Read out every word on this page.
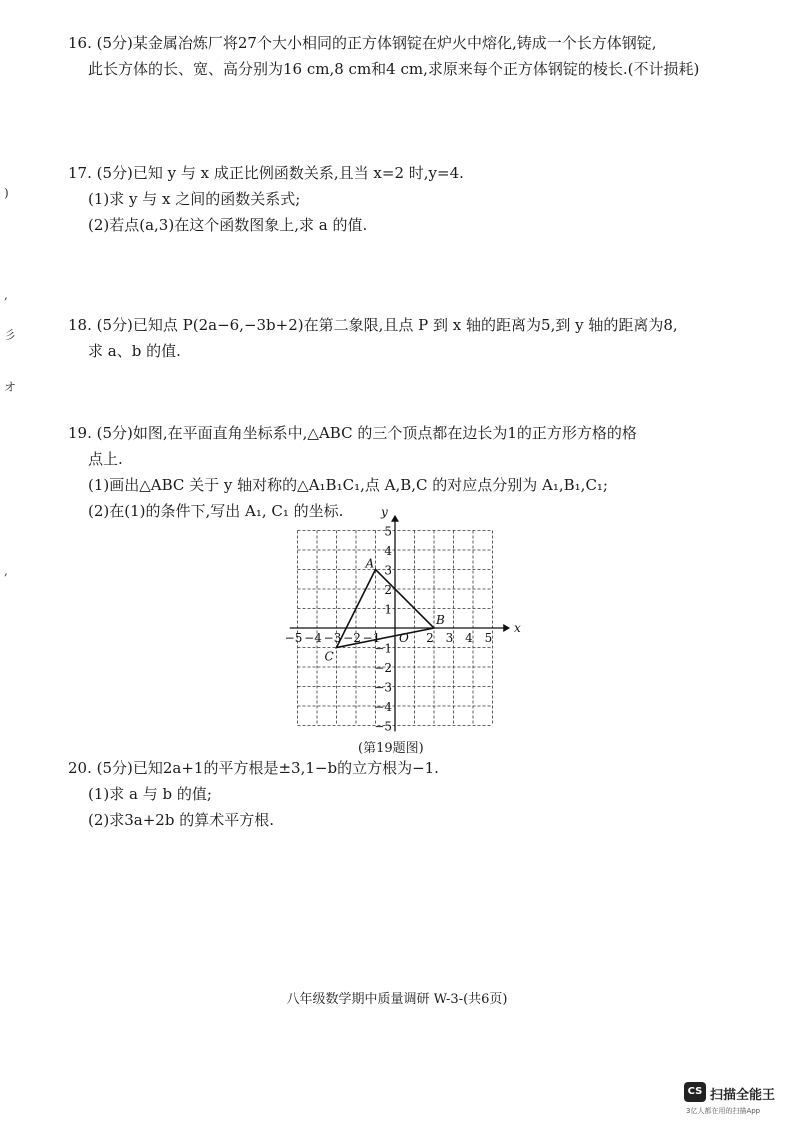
)
,
彡
オ
,

16. (5分)某金属冶炼厂将27个大小相同的正方体钢锭在炉火中熔化,铸成一个长方体钢锭,

此长方体的长、宽、高分别为16 cm,8 cm和4 cm,求原来每个正方体钢锭的棱长.(不计损耗)

17. (5分)已知 y 与 x 成正比例函数关系,且当 x=2 时,y=4.

(1)求 y 与 x 之间的函数关系式;

(2)若点(a,3)在这个函数图象上,求 a 的值.

18. (5分)已知点 P(2a−6,−3b+2)在第二象限,且点 P 到 x 轴的距离为5,到 y 轴的距离为8,

求 a、b 的值.

19. (5分)如图,在平面直角坐标系中,△ABC 的三个顶点都在边长为1的正方形方格的格

点上.

(1)画出△ABC 关于 y 轴对称的△A₁B₁C₁,点 A,B,C 的对应点分别为 A₁,B₁,C₁;

(2)在(1)的条件下,写出 A₁, C₁ 的坐标.

x
y
O
−5 −4 −3 −2 −1	2 3 4 5
5
4
3
2
1
−1
−2
−3
−4
−5
A
B
C
(第19题图)

20. (5分)已知2a+1的平方根是±3,1−b的立方根为−1.

(1)求 a 与 b 的值;

(2)求3a+2b 的算术平方根.

八年级数学期中质量调研 W-3-(共6页)
CS 扫描全能王
3亿人都在用的扫描App
